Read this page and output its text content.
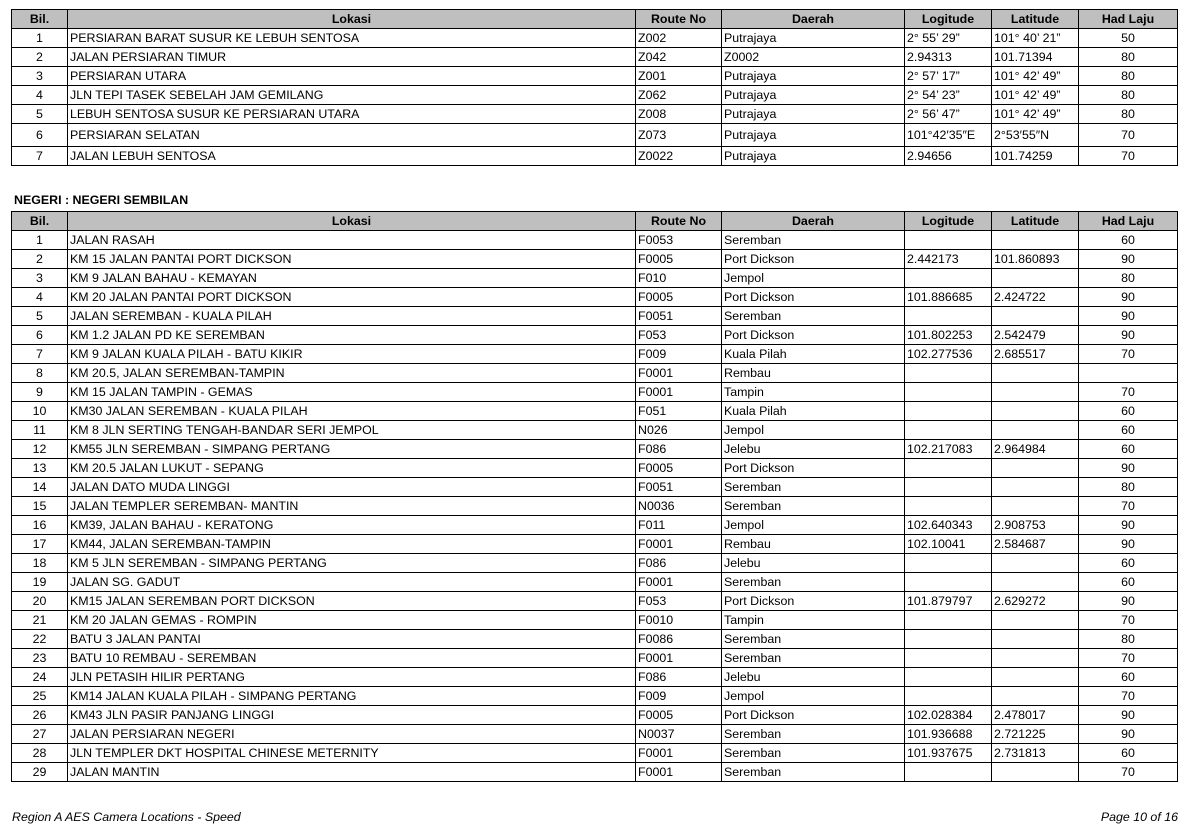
Bil.	Lokasi	Route No	Daerah	Logitude	Latitude	Had Laju
1	PERSIARAN BARAT SUSUR KE LEBUH SENTOSA	Z002	Putrajaya	2° 55’ 29”	101° 40’ 21”	50
2	JALAN PERSIARAN TIMUR	Z042	Z0002	2.94313	101.71394	80
3	PERSIARAN UTARA	Z001	Putrajaya	2° 57’ 17”	101° 42’ 49”	80
4	JLN TEPI TASEK SEBELAH JAM GEMILANG	Z062	Putrajaya	2° 54’ 23”	101° 42’ 49”	80
5	LEBUH SENTOSA SUSUR KE PERSIARAN UTARA	Z008	Putrajaya	2° 56’ 47”	101° 42’ 49”	80
6	PERSIARAN SELATAN	Z073	Putrajaya	101°42′35″E	2°53′55″N	70
7	JALAN LEBUH SENTOSA	Z0022	Putrajaya	2.94656	101.74259	70
NEGERI : NEGERI SEMBILAN
Bil.	Lokasi	Route No	Daerah	Logitude	Latitude	Had Laju
1	JALAN RASAH	F0053	Seremban			60
2	KM 15 JALAN PANTAI PORT DICKSON	F0005	Port Dickson	2.442173	101.860893	90
3	KM 9 JALAN BAHAU - KEMAYAN	F010	Jempol			80
4	KM 20 JALAN PANTAI PORT DICKSON	F0005	Port Dickson	101.886685	2.424722	90
5	JALAN SEREMBAN - KUALA PILAH	F0051	Seremban			90
6	KM 1.2 JALAN PD KE SEREMBAN	F053	Port Dickson	101.802253	2.542479	90
7	KM 9 JALAN KUALA PILAH - BATU KIKIR	F009	Kuala Pilah	102.277536	2.685517	70
8	KM 20.5, JALAN SEREMBAN-TAMPIN	F0001	Rembau			
9	KM 15 JALAN TAMPIN - GEMAS	F0001	Tampin			70
10	KM30 JALAN SEREMBAN - KUALA PILAH	F051	Kuala Pilah			60
11	KM 8 JLN SERTING TENGAH-BANDAR SERI JEMPOL	N026	Jempol			60
12	KM55 JLN SEREMBAN - SIMPANG PERTANG	F086	Jelebu	102.217083	2.964984	60
13	KM 20.5 JALAN LUKUT - SEPANG	F0005	Port Dickson			90
14	JALAN DATO MUDA LINGGI	F0051	Seremban			80
15	JALAN TEMPLER SEREMBAN- MANTIN	N0036	Seremban			70
16	KM39, JALAN BAHAU - KERATONG	F011	Jempol	102.640343	2.908753	90
17	KM44, JALAN SEREMBAN-TAMPIN	F0001	Rembau	102.10041	2.584687	90
18	KM 5 JLN SEREMBAN - SIMPANG PERTANG	F086	Jelebu			60
19	JALAN SG. GADUT	F0001	Seremban			60
20	KM15 JALAN SEREMBAN PORT DICKSON	F053	Port Dickson	101.879797	2.629272	90
21	KM 20 JALAN GEMAS - ROMPIN	F0010	Tampin			70
22	BATU 3 JALAN PANTAI	F0086	Seremban			80
23	BATU 10 REMBAU - SEREMBAN	F0001	Seremban			70
24	JLN PETASIH HILIR PERTANG	F086	Jelebu			60
25	KM14 JALAN KUALA PILAH - SIMPANG PERTANG	F009	Jempol			70
26	KM43 JLN PASIR PANJANG LINGGI	F0005	Port Dickson	102.028384	2.478017	90
27	JALAN PERSIARAN NEGERI	N0037	Seremban	101.936688	2.721225	90
28	JLN TEMPLER DKT HOSPITAL CHINESE METERNITY	F0001	Seremban	101.937675	2.731813	60
29	JALAN MANTIN	F0001	Seremban			70
Region A AES Camera Locations - Speed	Page 10 of 16
